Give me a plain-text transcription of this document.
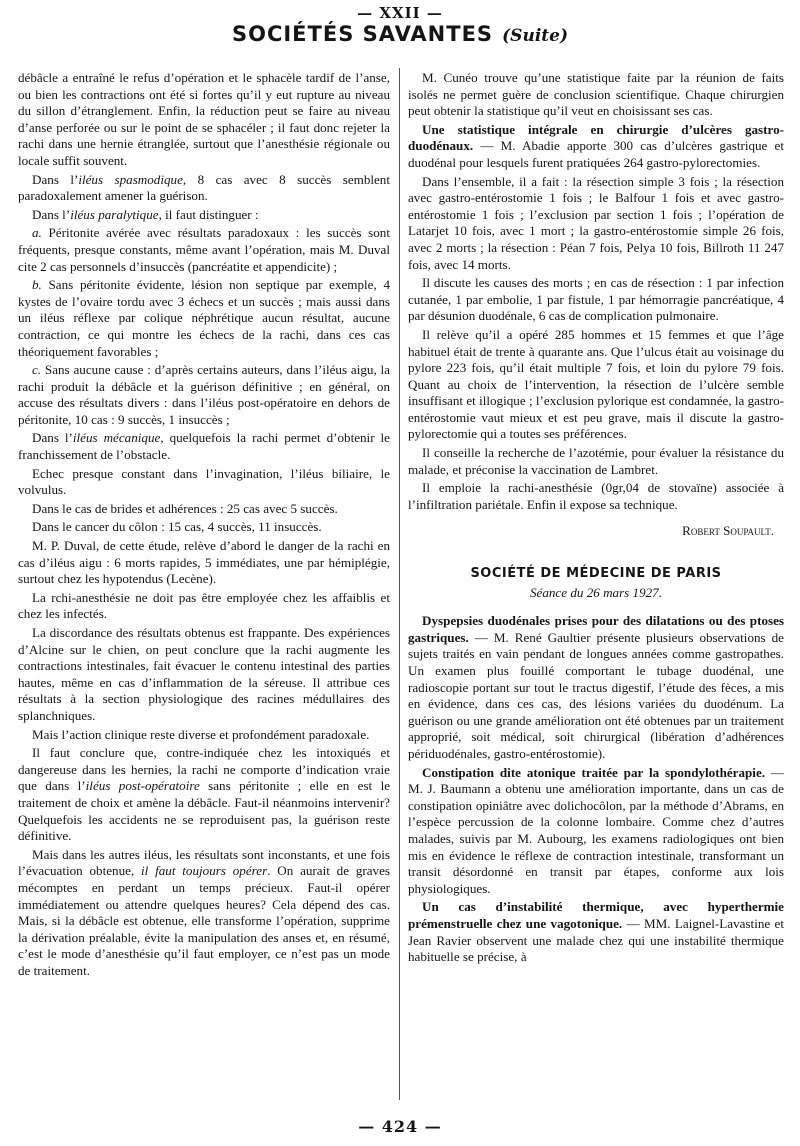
— XXII —
SOCIÉTÉS SAVANTES (Suite)

débâcle a entraîné le refus d’opération et le sphacèle tardif de l’anse, ou bien les contractions ont été si fortes qu’il y eut rupture au niveau du sillon d’étranglement. Enfin, la réduction peut se faire au niveau d’anse perforée ou sur le point de se sphacéler ; il faut donc rejeter la rachi dans une hernie étranglée, surtout que l’anesthésie régionale ou locale suffit souvent.

Dans l’iléus spasmodique, 8 cas avec 8 succès semblent paradoxalement amener la guérison.

Dans l’iléus paralytique, il faut distinguer :

a. Péritonite avérée avec résultats paradoxaux : les succès sont fréquents, presque constants, même avant l’opération, mais M. Duval cite 2 cas personnels d’insuccès (pancréatite et appendicite) ;

b. Sans péritonite évidente, lésion non septique par exemple, 4 kystes de l’ovaire tordu avec 3 échecs et un succès ; mais aussi dans un iléus réflexe par colique néphrétique aucun résultat, aucune contraction, ce qui montre les échecs de la rachi, dans ces cas théoriquement favorables ;

c. Sans aucune cause : d’après certains auteurs, dans l’iléus aigu, la rachi produit la débâcle et la guérison définitive ; en général, on accuse des résultats divers : dans l’iléus post-opératoire en dehors de péritonite, 10 cas : 9 succès, 1 insuccès ;

Dans l’iléus mécanique, quelquefois la rachi permet d’obtenir le franchissement de l’obstacle.

Echec presque constant dans l’invagination, l’iléus biliaire, le volvulus.

Dans le cas de brides et adhérences : 25 cas avec 5 succès.

Dans le cancer du côlon : 15 cas, 4 succès, 11 insuccès.

M. P. Duval, de cette étude, relève d’abord le danger de la rachi en cas d’iléus aigu : 6 morts rapides, 5 immédiates, une par hémiplégie, surtout chez les hypotendus (Lecène).

La rchi-anesthésie ne doit pas être employée chez les affaiblis et chez les infectés.

La discordance des résultats obtenus est frappante. Des expériences d’Alcine sur le chien, on peut conclure que la rachi augmente les contractions intestinales, fait évacuer le contenu intestinal des parties hautes, même en cas d’inflammation de la séreuse. Il attribue ces résultats à la section physiologique des racines médullaires des splanchniques.

Mais l’action clinique reste diverse et profondément paradoxale.

Il faut conclure que, contre-indiquée chez les intoxiqués et dangereuse dans les hernies, la rachi ne comporte d’indication vraie que dans l’iléus post-opératoire sans péritonite ; elle en est le traitement de choix et amène la débâcle. Faut-il néanmoins intervenir? Quelquefois les accidents ne se reproduisent pas, la guérison reste définitive.

Mais dans les autres iléus, les résultats sont inconstants, et une fois l’évacuation obtenue, il faut toujours opérer. On aurait de graves mécomptes en perdant un temps précieux. Faut-il opérer immédiatement ou attendre quelques heures? Cela dépend des cas. Mais, si la débâcle est obtenue, elle transforme l’opération, supprime la dérivation préalable, évite la manipulation des anses et, en résumé, c’est le mode d’anesthésie qu’il faut employer, ce n’est pas un mode de traitement.

M. Cunéo trouve qu’une statistique faite par la réunion de faits isolés ne permet guère de conclusion scientifique. Chaque chirurgien peut obtenir la statistique qu’il veut en choisissant ses cas.

Une statistique intégrale en chirurgie d’ulcères gastro-duodénaux. — M. Abadie apporte 300 cas d’ulcères gastrique et duodénal pour lesquels furent pratiquées 264 gastro-pylorectomies.

Dans l’ensemble, il a fait : la résection simple 3 fois ; la résection avec gastro-entérostomie 1 fois ; le Balfour 1 fois et avec gastro-entérostomie 1 fois ; l’exclusion par section 1 fois ; l’opération de Latarjet 10 fois, avec 1 mort ; la gastro-entérostomie simple 26 fois, avec 2 morts ; la résection : Péan 7 fois, Pelya 10 fois, Billroth 11 247 fois, avec 14 morts.

Il discute les causes des morts ; en cas de résection : 1 par infection cutanée, 1 par embolie, 1 par fistule, 1 par hémorragie pancréatique, 4 par désunion duodénale, 6 cas de complication pulmonaire.

Il relève qu’il a opéré 285 hommes et 15 femmes et que l’âge habituel était de trente à quarante ans. Que l’ulcus était au voisinage du pylore 223 fois, qu’il était multiple 7 fois, et loin du pylore 79 fois. Quant au choix de l’intervention, la résection de l’ulcère semble insuffisant et illogique ; l’exclusion pylorique est condamnée, la gastro-entérostomie vaut mieux et est peu grave, mais il discute la gastro-pylorectomie qui a toutes ses préférences.

Il conseille la recherche de l’azotémie, pour évaluer la résistance du malade, et préconise la vaccination de Lambret.

Il emploie la rachi-anesthésie (0gr,04 de stovaïne) associée à l’infiltration pariétale. Enfin il expose sa technique.

Robert Soupault.

SOCIÉTÉ DE MÉDECINE DE PARIS

Séance du 26 mars 1927.

Dyspepsies duodénales prises pour des dilatations ou des ptoses gastriques. — M. René Gaultier présente plusieurs observations de sujets traités en vain pendant de longues années comme gastropathes. Un examen plus fouillé comportant le tubage duodénal, une radioscopie portant sur tout le tractus digestif, l’étude des fèces, a mis en évidence, dans ces cas, des lésions variées du duodénum. La guérison ou une grande amélioration ont été obtenues par un traitement approprié, soit médical, soit chirurgical (libération d’adhérences périduodénales, gastro-entérostomie).

Constipation dite atonique traitée par la spondylothérapie. — M. J. Baumann a obtenu une amélioration importante, dans un cas de constipation opiniâtre avec dolichocôlon, par la méthode d’Abrams, en l’espèce percussion de la colonne lombaire. Comme chez d’autres malades, suivis par M. Aubourg, les examens radiologiques ont bien mis en évidence le réflexe de contraction intestinale, transformant un transit désordonné en transit par étapes, conforme aux lois physiologiques.

Un cas d’instabilité thermique, avec hyperthermie prémenstruelle chez une vagotonique. — MM. Laignel-Lavastine et Jean Ravier observent une malade chez qui une instabilité thermique habituelle se précise, à

— 424 —
